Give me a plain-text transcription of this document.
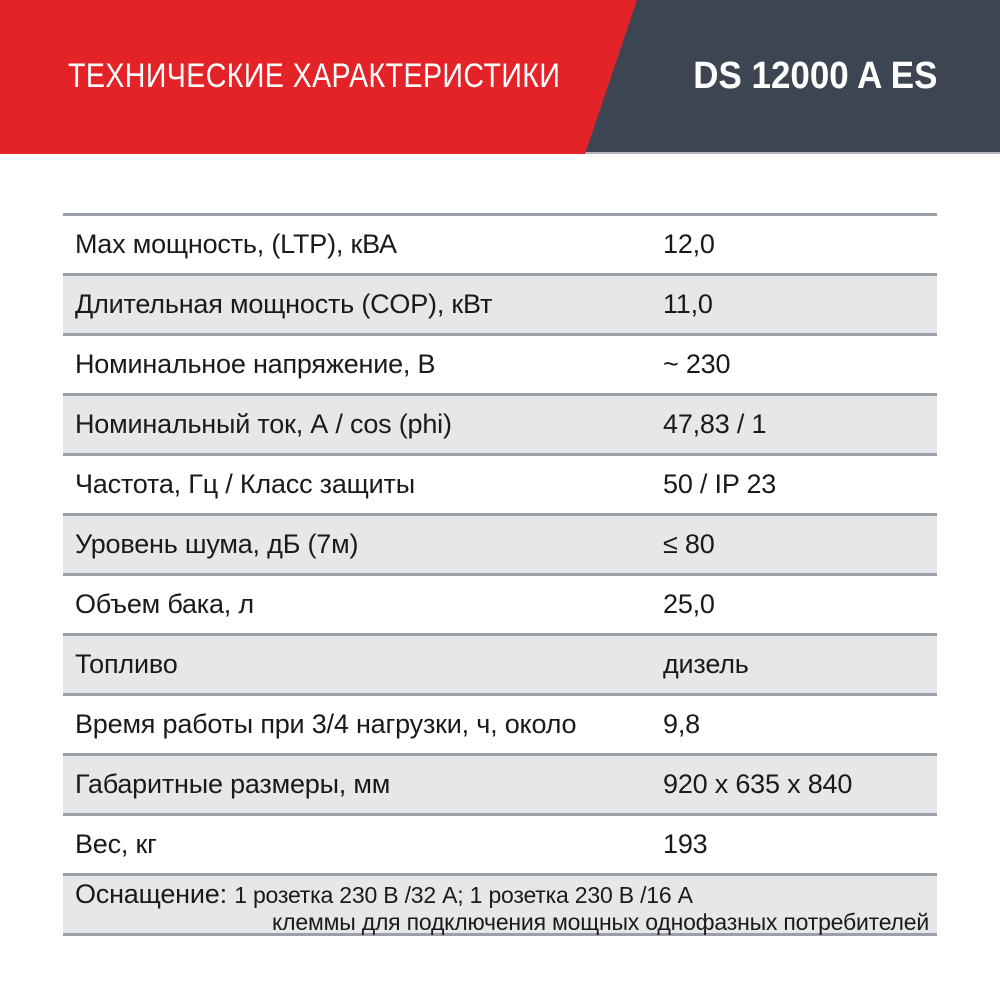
ТЕХНИЧЕСКИЕ ХАРАКТЕРИСТИКИ	DS 12000 A ES
Max мощность, (LTP), кВА	12,0
Длительная мощность (COP), кВт	11,0
Номинальное напряжение, В	~ 230
Номинальный ток, А / cos (phi)	47,83 / 1
Частота, Гц / Класс защиты	50 / IP 23
Уровень шума, дБ (7м)	≤ 80
Объем бака, л	25,0
Топливо	дизель
Время работы при 3/4 нагрузки, ч, около	9,8
Габаритные размеры, мм	920 x 635 x 840
Вес, кг	193
Оснащение: 1 розетка 230 В /32 А; 1 розетка 230 В /16 А
клеммы для подключения мощных однофазных потребителей
